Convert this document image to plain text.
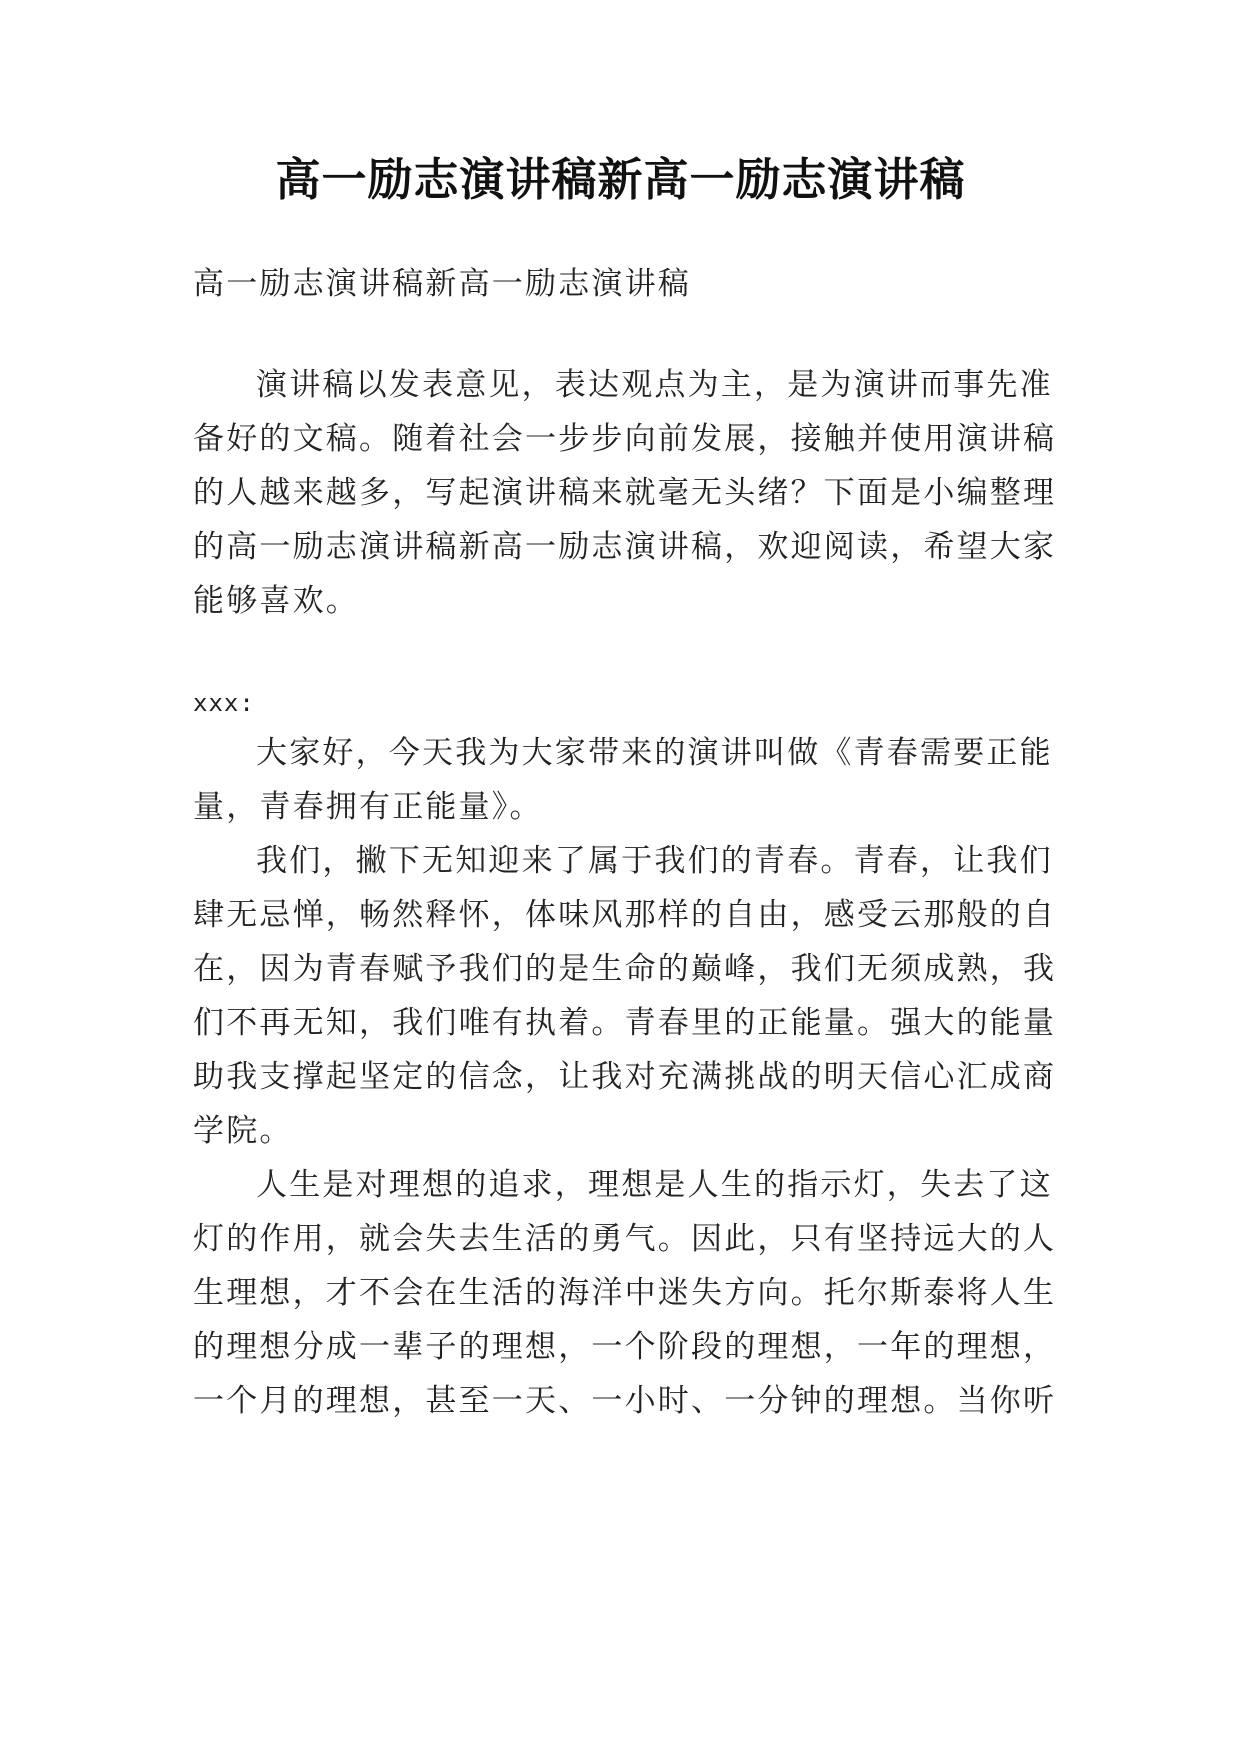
高一励志演讲稿新高一励志演讲稿
高一励志演讲稿新高一励志演讲稿
演讲稿以发表意见，表达观点为主，是为演讲而事先准
备好的文稿。随着社会一步步向前发展，接触并使用演讲稿
的人越来越多，写起演讲稿来就毫无头绪？下面是小编整理
的高一励志演讲稿新高一励志演讲稿，欢迎阅读，希望大家
能够喜欢。
xxx:
大家好，今天我为大家带来的演讲叫做《青春需要正能
量，青春拥有正能量》。
我们，撇下无知迎来了属于我们的青春。青春，让我们
肆无忌惮，畅然释怀，体味风那样的自由，感受云那般的自
在，因为青春赋予我们的是生命的巅峰，我们无须成熟，我
们不再无知，我们唯有执着。青春里的正能量。强大的能量
助我支撑起坚定的信念，让我对充满挑战的明天信心汇成商
学院。
人生是对理想的追求，理想是人生的指示灯，失去了这
灯的作用，就会失去生活的勇气。因此，只有坚持远大的人
生理想，才不会在生活的海洋中迷失方向。托尔斯泰将人生
的理想分成一辈子的理想，一个阶段的理想，一年的理想，
一个月的理想，甚至一天、一小时、一分钟的理想。当你听
